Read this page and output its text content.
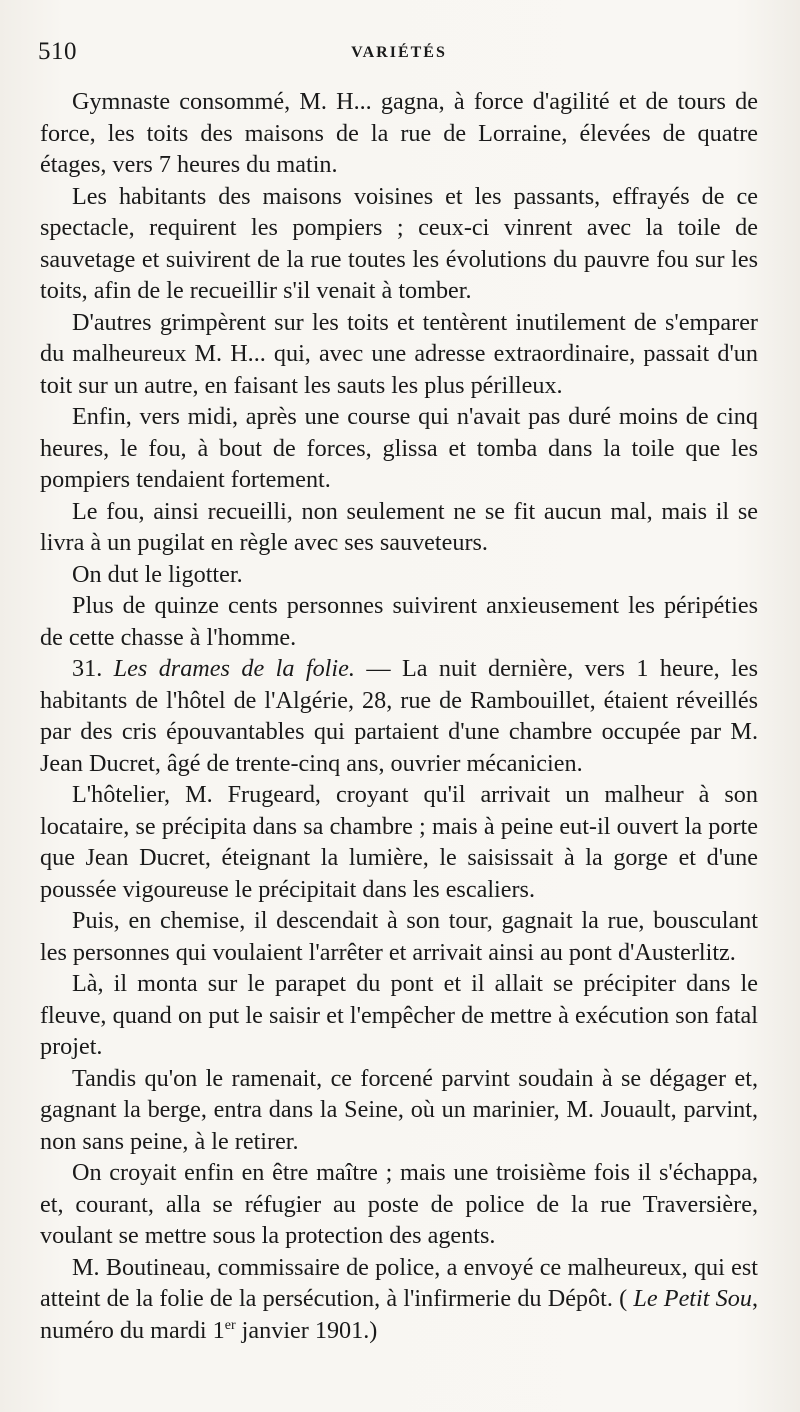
510	VARIÉTÉS

Gymnaste consommé, M. H... gagna, à force d'agilité et de tours de force, les toits des maisons de la rue de Lorraine, élevées de quatre étages, vers 7 heures du matin.

Les habitants des maisons voisines et les passants, effrayés de ce spectacle, requirent les pompiers ; ceux-ci vinrent avec la toile de sauvetage et suivirent de la rue toutes les évolutions du pauvre fou sur les toits, afin de le recueillir s'il venait à tomber.

D'autres grimpèrent sur les toits et tentèrent inutilement de s'emparer du malheureux M. H... qui, avec une adresse extraordinaire, passait d'un toit sur un autre, en faisant les sauts les plus périlleux.

Enfin, vers midi, après une course qui n'avait pas duré moins de cinq heures, le fou, à bout de forces, glissa et tomba dans la toile que les pompiers tendaient fortement.

Le fou, ainsi recueilli, non seulement ne se fit aucun mal, mais il se livra à un pugilat en règle avec ses sauveteurs.

On dut le ligotter.

Plus de quinze cents personnes suivirent anxieusement les péripéties de cette chasse à l'homme.

31. Les drames de la folie. — La nuit dernière, vers 1 heure, les habitants de l'hôtel de l'Algérie, 28, rue de Rambouillet, étaient réveillés par des cris épouvantables qui partaient d'une chambre occupée par M. Jean Ducret, âgé de trente-cinq ans, ouvrier mécanicien.

L'hôtelier, M. Frugeard, croyant qu'il arrivait un malheur à son locataire, se précipita dans sa chambre ; mais à peine eut-il ouvert la porte que Jean Ducret, éteignant la lumière, le saisissait à la gorge et d'une poussée vigoureuse le précipitait dans les escaliers.

Puis, en chemise, il descendait à son tour, gagnait la rue, bousculant les personnes qui voulaient l'arrêter et arrivait ainsi au pont d'Austerlitz.

Là, il monta sur le parapet du pont et il allait se précipiter dans le fleuve, quand on put le saisir et l'empêcher de mettre à exécution son fatal projet.

Tandis qu'on le ramenait, ce forcené parvint soudain à se dégager et, gagnant la berge, entra dans la Seine, où un marinier, M. Jouault, parvint, non sans peine, à le retirer.

On croyait enfin en être maître ; mais une troisième fois il s'échappa, et, courant, alla se réfugier au poste de police de la rue Traversière, voulant se mettre sous la protection des agents.

M. Boutineau, commissaire de police, a envoyé ce malheureux, qui est atteint de la folie de la persécution, à l'infirmerie du Dépôt. ( Le Petit Sou, numéro du mardi 1er janvier 1901.)
